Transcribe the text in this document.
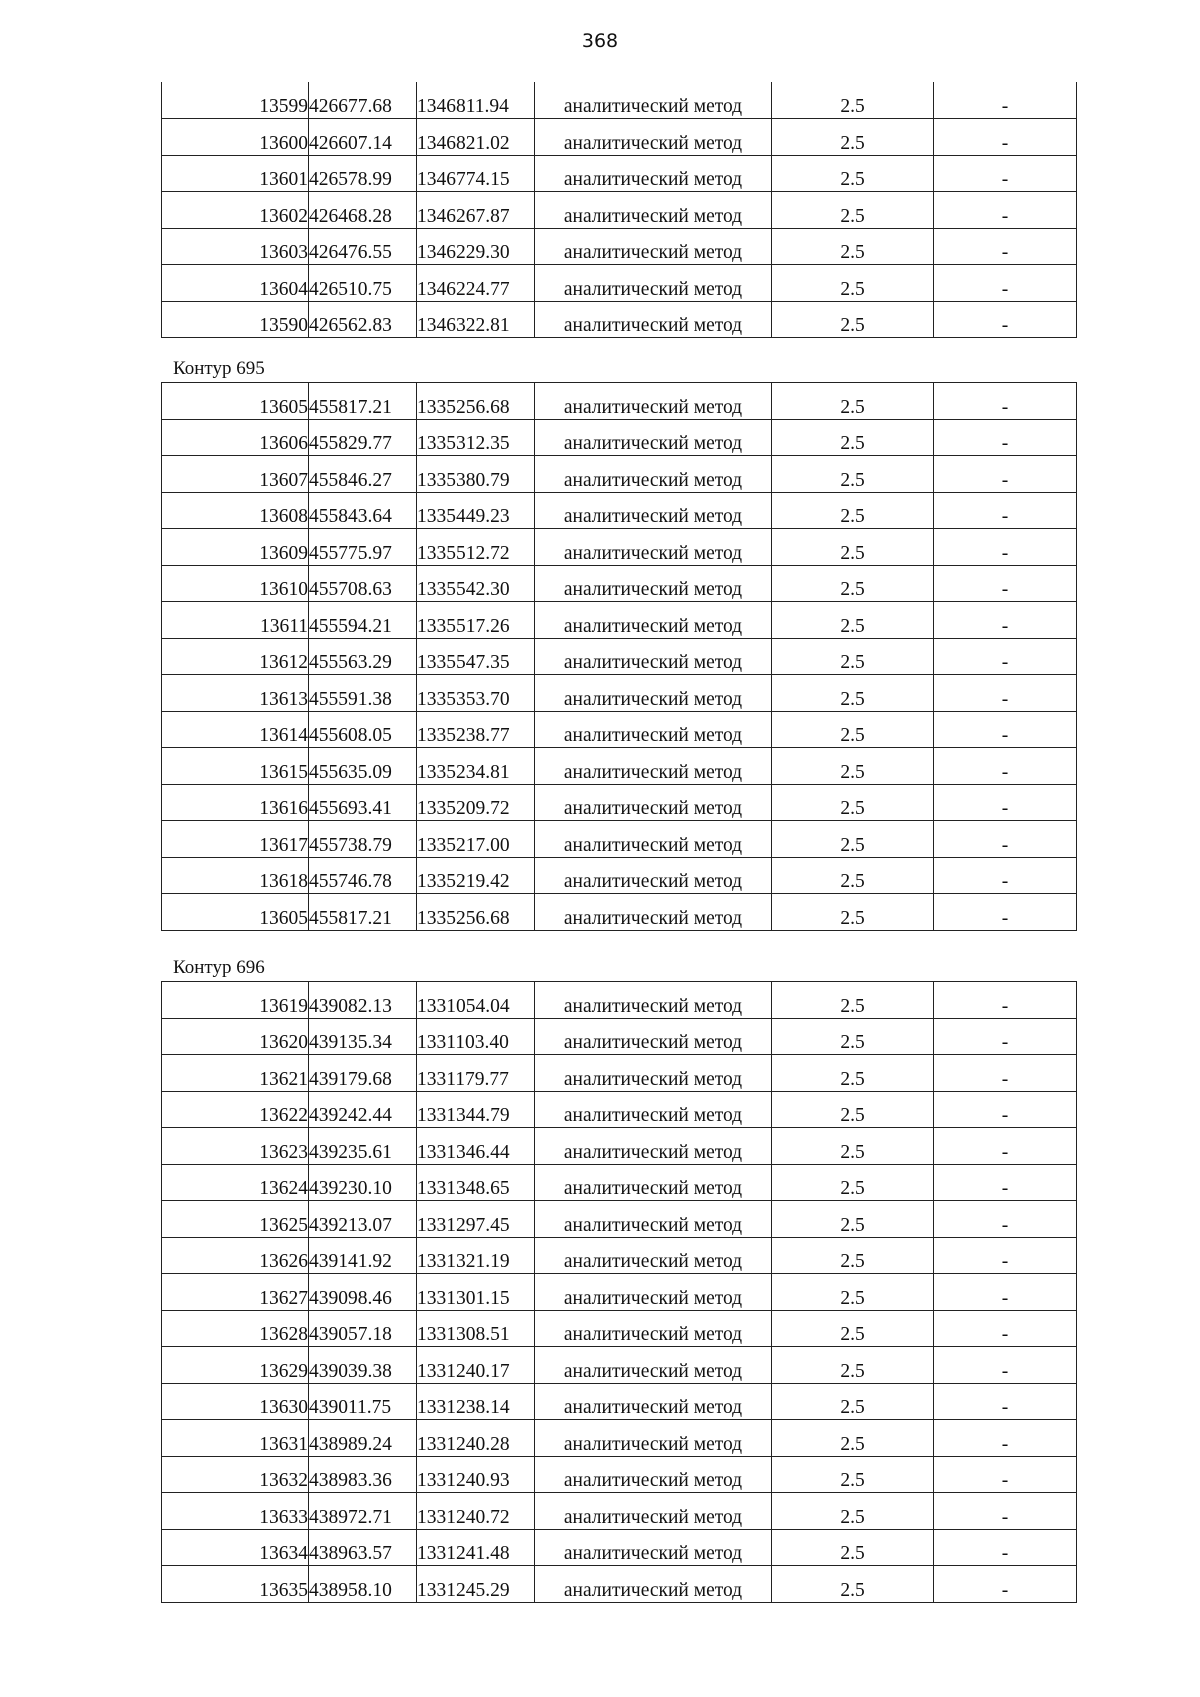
368
13599	426677.68	1346811.94	аналитический метод	2.5	-
13600	426607.14	1346821.02	аналитический метод	2.5	-
13601	426578.99	1346774.15	аналитический метод	2.5	-
13602	426468.28	1346267.87	аналитический метод	2.5	-
13603	426476.55	1346229.30	аналитический метод	2.5	-
13604	426510.75	1346224.77	аналитический метод	2.5	-
13590	426562.83	1346322.81	аналитический метод	2.5	-
Контур 695
13605	455817.21	1335256.68	аналитический метод	2.5	-
13606	455829.77	1335312.35	аналитический метод	2.5	-
13607	455846.27	1335380.79	аналитический метод	2.5	-
13608	455843.64	1335449.23	аналитический метод	2.5	-
13609	455775.97	1335512.72	аналитический метод	2.5	-
13610	455708.63	1335542.30	аналитический метод	2.5	-
13611	455594.21	1335517.26	аналитический метод	2.5	-
13612	455563.29	1335547.35	аналитический метод	2.5	-
13613	455591.38	1335353.70	аналитический метод	2.5	-
13614	455608.05	1335238.77	аналитический метод	2.5	-
13615	455635.09	1335234.81	аналитический метод	2.5	-
13616	455693.41	1335209.72	аналитический метод	2.5	-
13617	455738.79	1335217.00	аналитический метод	2.5	-
13618	455746.78	1335219.42	аналитический метод	2.5	-
13605	455817.21	1335256.68	аналитический метод	2.5	-
Контур 696
13619	439082.13	1331054.04	аналитический метод	2.5	-
13620	439135.34	1331103.40	аналитический метод	2.5	-
13621	439179.68	1331179.77	аналитический метод	2.5	-
13622	439242.44	1331344.79	аналитический метод	2.5	-
13623	439235.61	1331346.44	аналитический метод	2.5	-
13624	439230.10	1331348.65	аналитический метод	2.5	-
13625	439213.07	1331297.45	аналитический метод	2.5	-
13626	439141.92	1331321.19	аналитический метод	2.5	-
13627	439098.46	1331301.15	аналитический метод	2.5	-
13628	439057.18	1331308.51	аналитический метод	2.5	-
13629	439039.38	1331240.17	аналитический метод	2.5	-
13630	439011.75	1331238.14	аналитический метод	2.5	-
13631	438989.24	1331240.28	аналитический метод	2.5	-
13632	438983.36	1331240.93	аналитический метод	2.5	-
13633	438972.71	1331240.72	аналитический метод	2.5	-
13634	438963.57	1331241.48	аналитический метод	2.5	-
13635	438958.10	1331245.29	аналитический метод	2.5	-
